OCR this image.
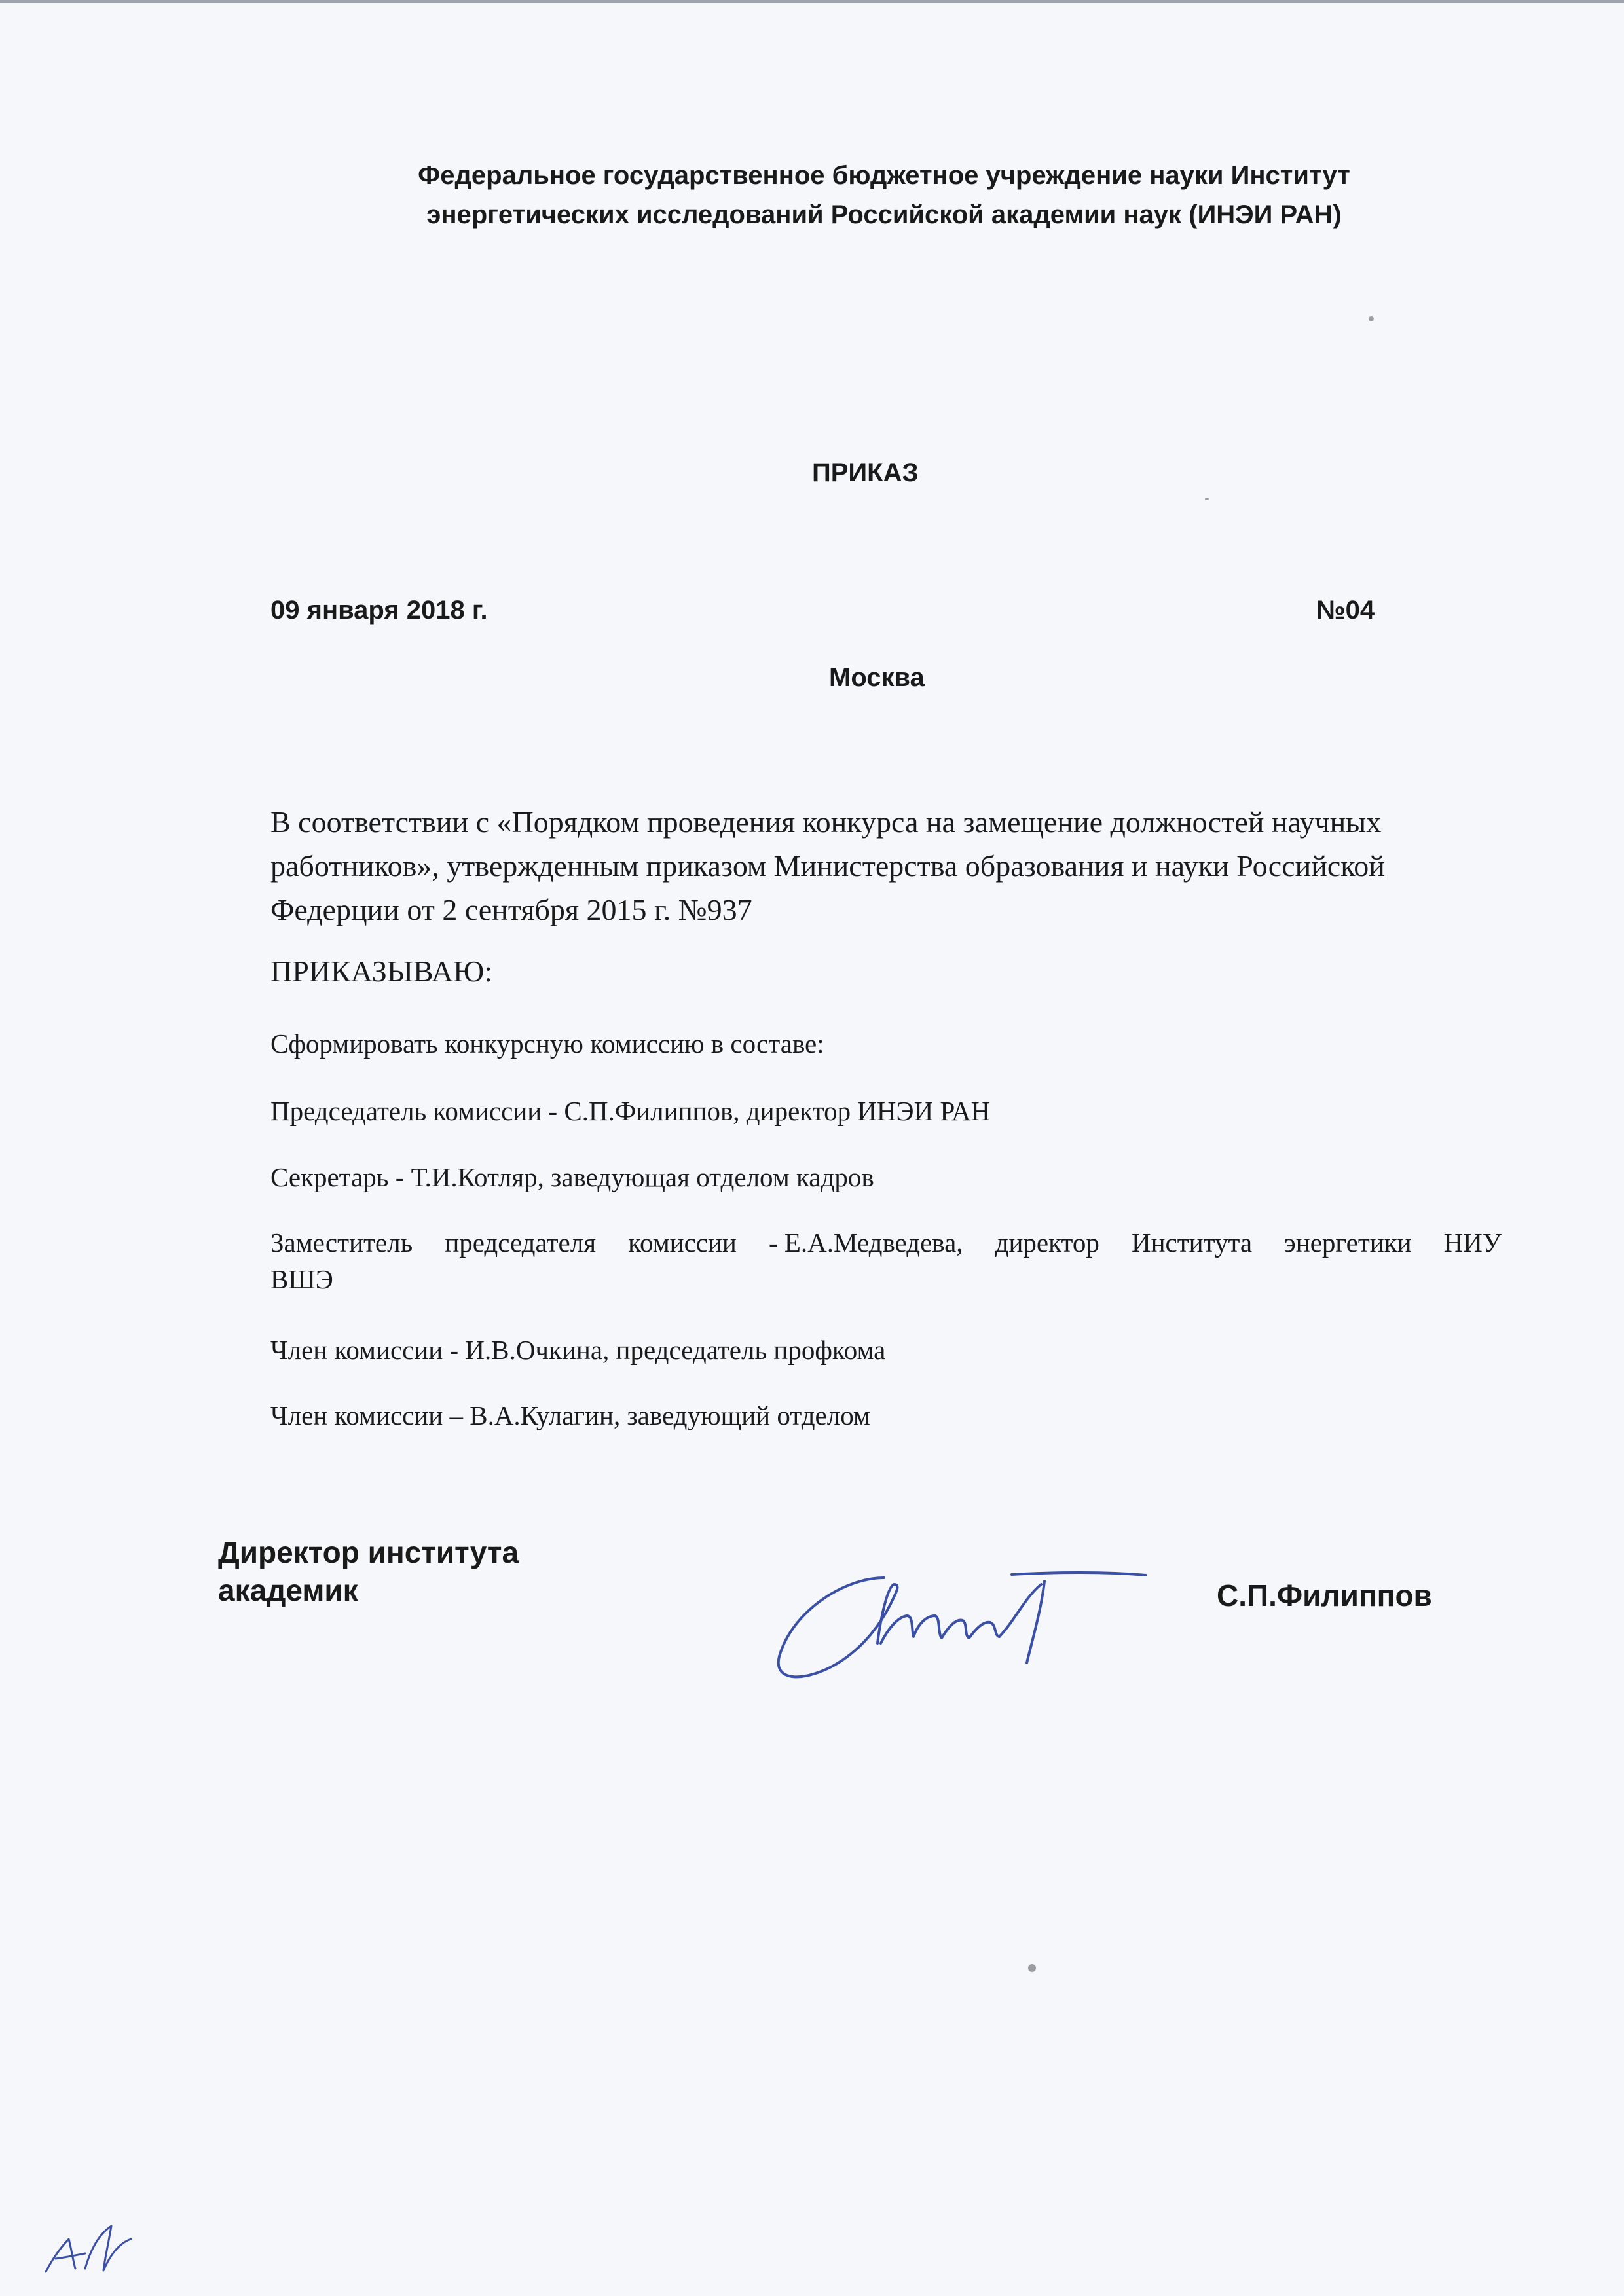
Федеральное государственное бюджетное учреждение науки Институт
энергетических исследований Российской академии наук (ИНЭИ РАН)
ПРИКАЗ
09 января 2018 г.	№04
Москва
В соответствии с «Порядком проведения конкурса на замещение должностей научных
работников», утвержденным приказом Министерства образования и науки Российской
Федерции от 2 сентября 2015 г. №937
ПРИКАЗЫВАЮ:
Сформировать конкурсную комиссию в составе:
Председатель комиссии - С.П.Филиппов, директор ИНЭИ РАН
Секретарь - Т.И.Котляр, заведующая отделом кадров
Заместитель председателя комиссии - Е.А.Медведева, директор Института энергетики НИУ
ВШЭ
Член комиссии - И.В.Очкина, председатель профкома
Член комиссии – В.А.Кулагин, заведующий отделом
Директор института
академик	С.П.Филиппов
